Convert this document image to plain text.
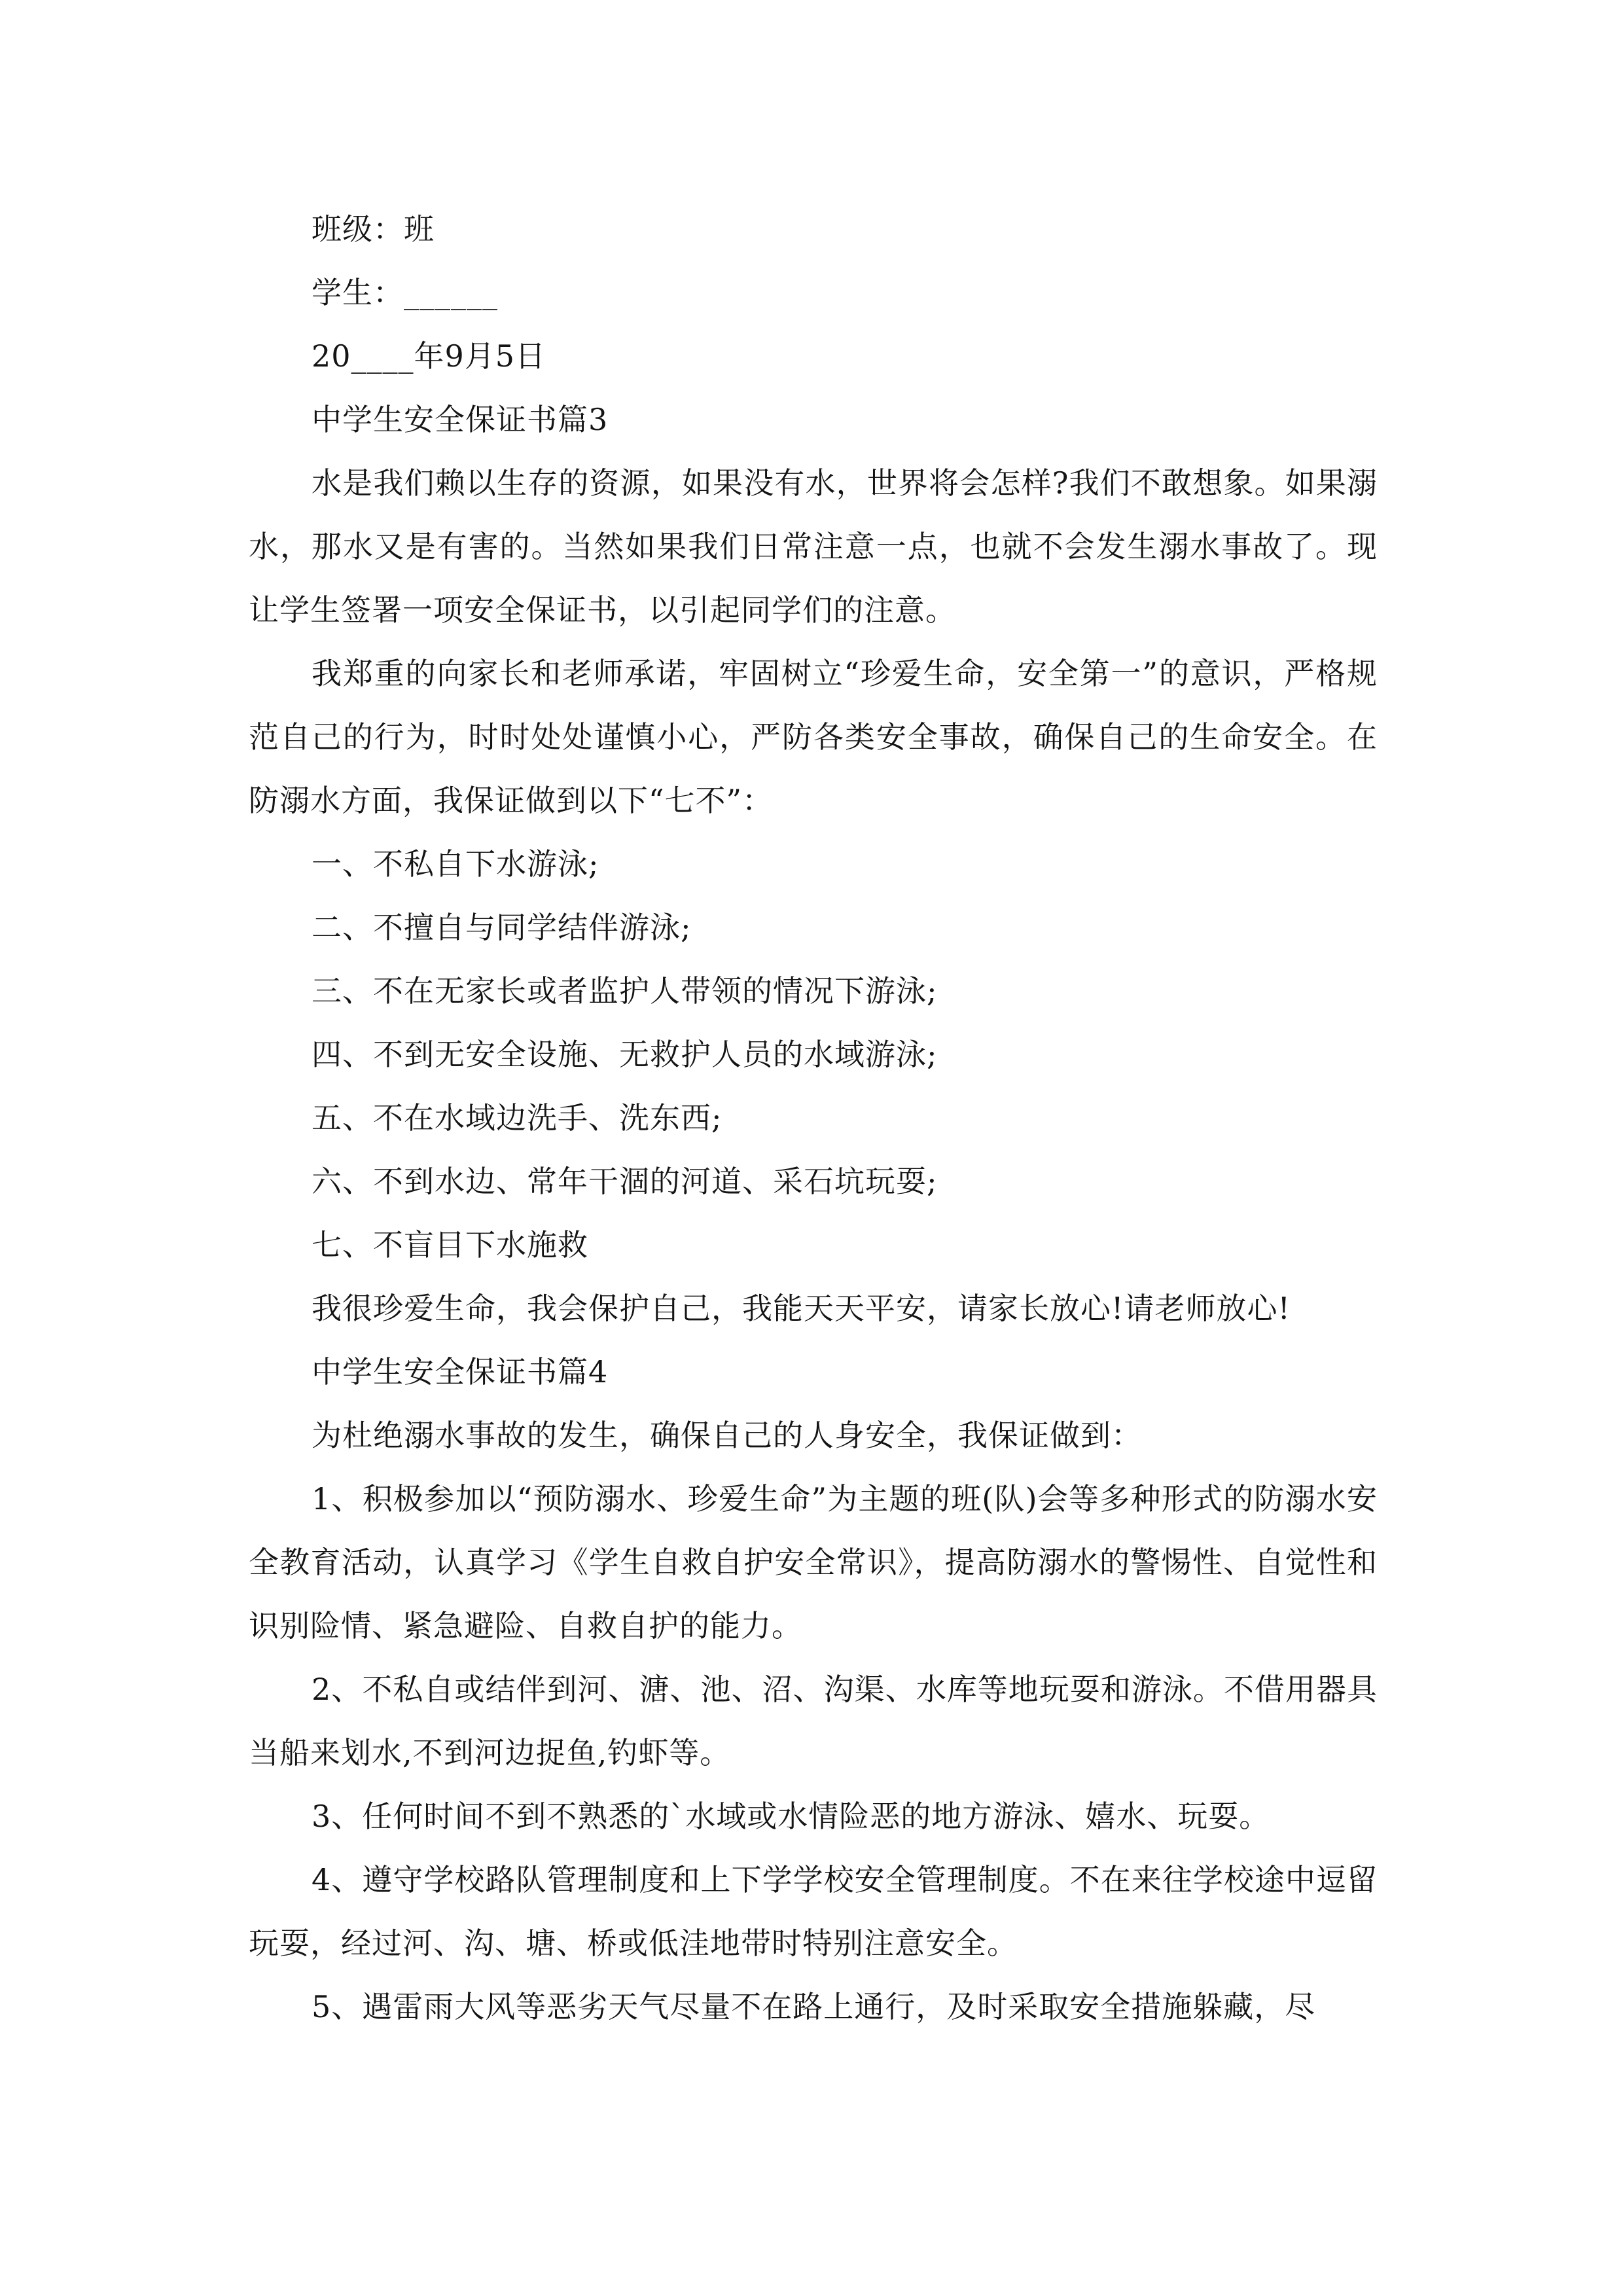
班级：班
学生：______
20____年9月5日
中学生安全保证书篇3
水是我们赖以生存的资源，如果没有水，世界将会怎样?我们不敢想象。如果溺水，那水又是有害的。当然如果我们日常注意一点，也就不会发生溺水事故了。现让学生签署一项安全保证书，以引起同学们的注意。
我郑重的向家长和老师承诺，牢固树立“珍爱生命，安全第一”的意识，严格规范自己的行为，时时处处谨慎小心，严防各类安全事故，确保自己的生命安全。在防溺水方面，我保证做到以下“七不”：
一、不私自下水游泳;
二、不擅自与同学结伴游泳;
三、不在无家长或者监护人带领的情况下游泳;
四、不到无安全设施、无救护人员的水域游泳;
五、不在水域边洗手、洗东西;
六、不到水边、常年干涸的河道、采石坑玩耍;
七、不盲目下水施救
我很珍爱生命，我会保护自己，我能天天平安，请家长放心!请老师放心!
中学生安全保证书篇4
为杜绝溺水事故的发生，确保自己的人身安全，我保证做到：
1、积极参加以“预防溺水、珍爱生命”为主题的班(队)会等多种形式的防溺水安全教育活动，认真学习《学生自救自护安全常识》，提高防溺水的警惕性、自觉性和识别险情、紧急避险、自救自护的能力。
2、不私自或结伴到河、溏、池、沼、沟渠、水库等地玩耍和游泳。不借用器具当船来划水,不到河边捉鱼,钓虾等。
3、任何时间不到不熟悉的`水域或水情险恶的地方游泳、嬉水、玩耍。
4、遵守学校路队管理制度和上下学学校安全管理制度。不在来往学校途中逗留玩耍，经过河、沟、塘、桥或低洼地带时特别注意安全。
5、遇雷雨大风等恶劣天气尽量不在路上通行，及时采取安全措施躲藏，尽
